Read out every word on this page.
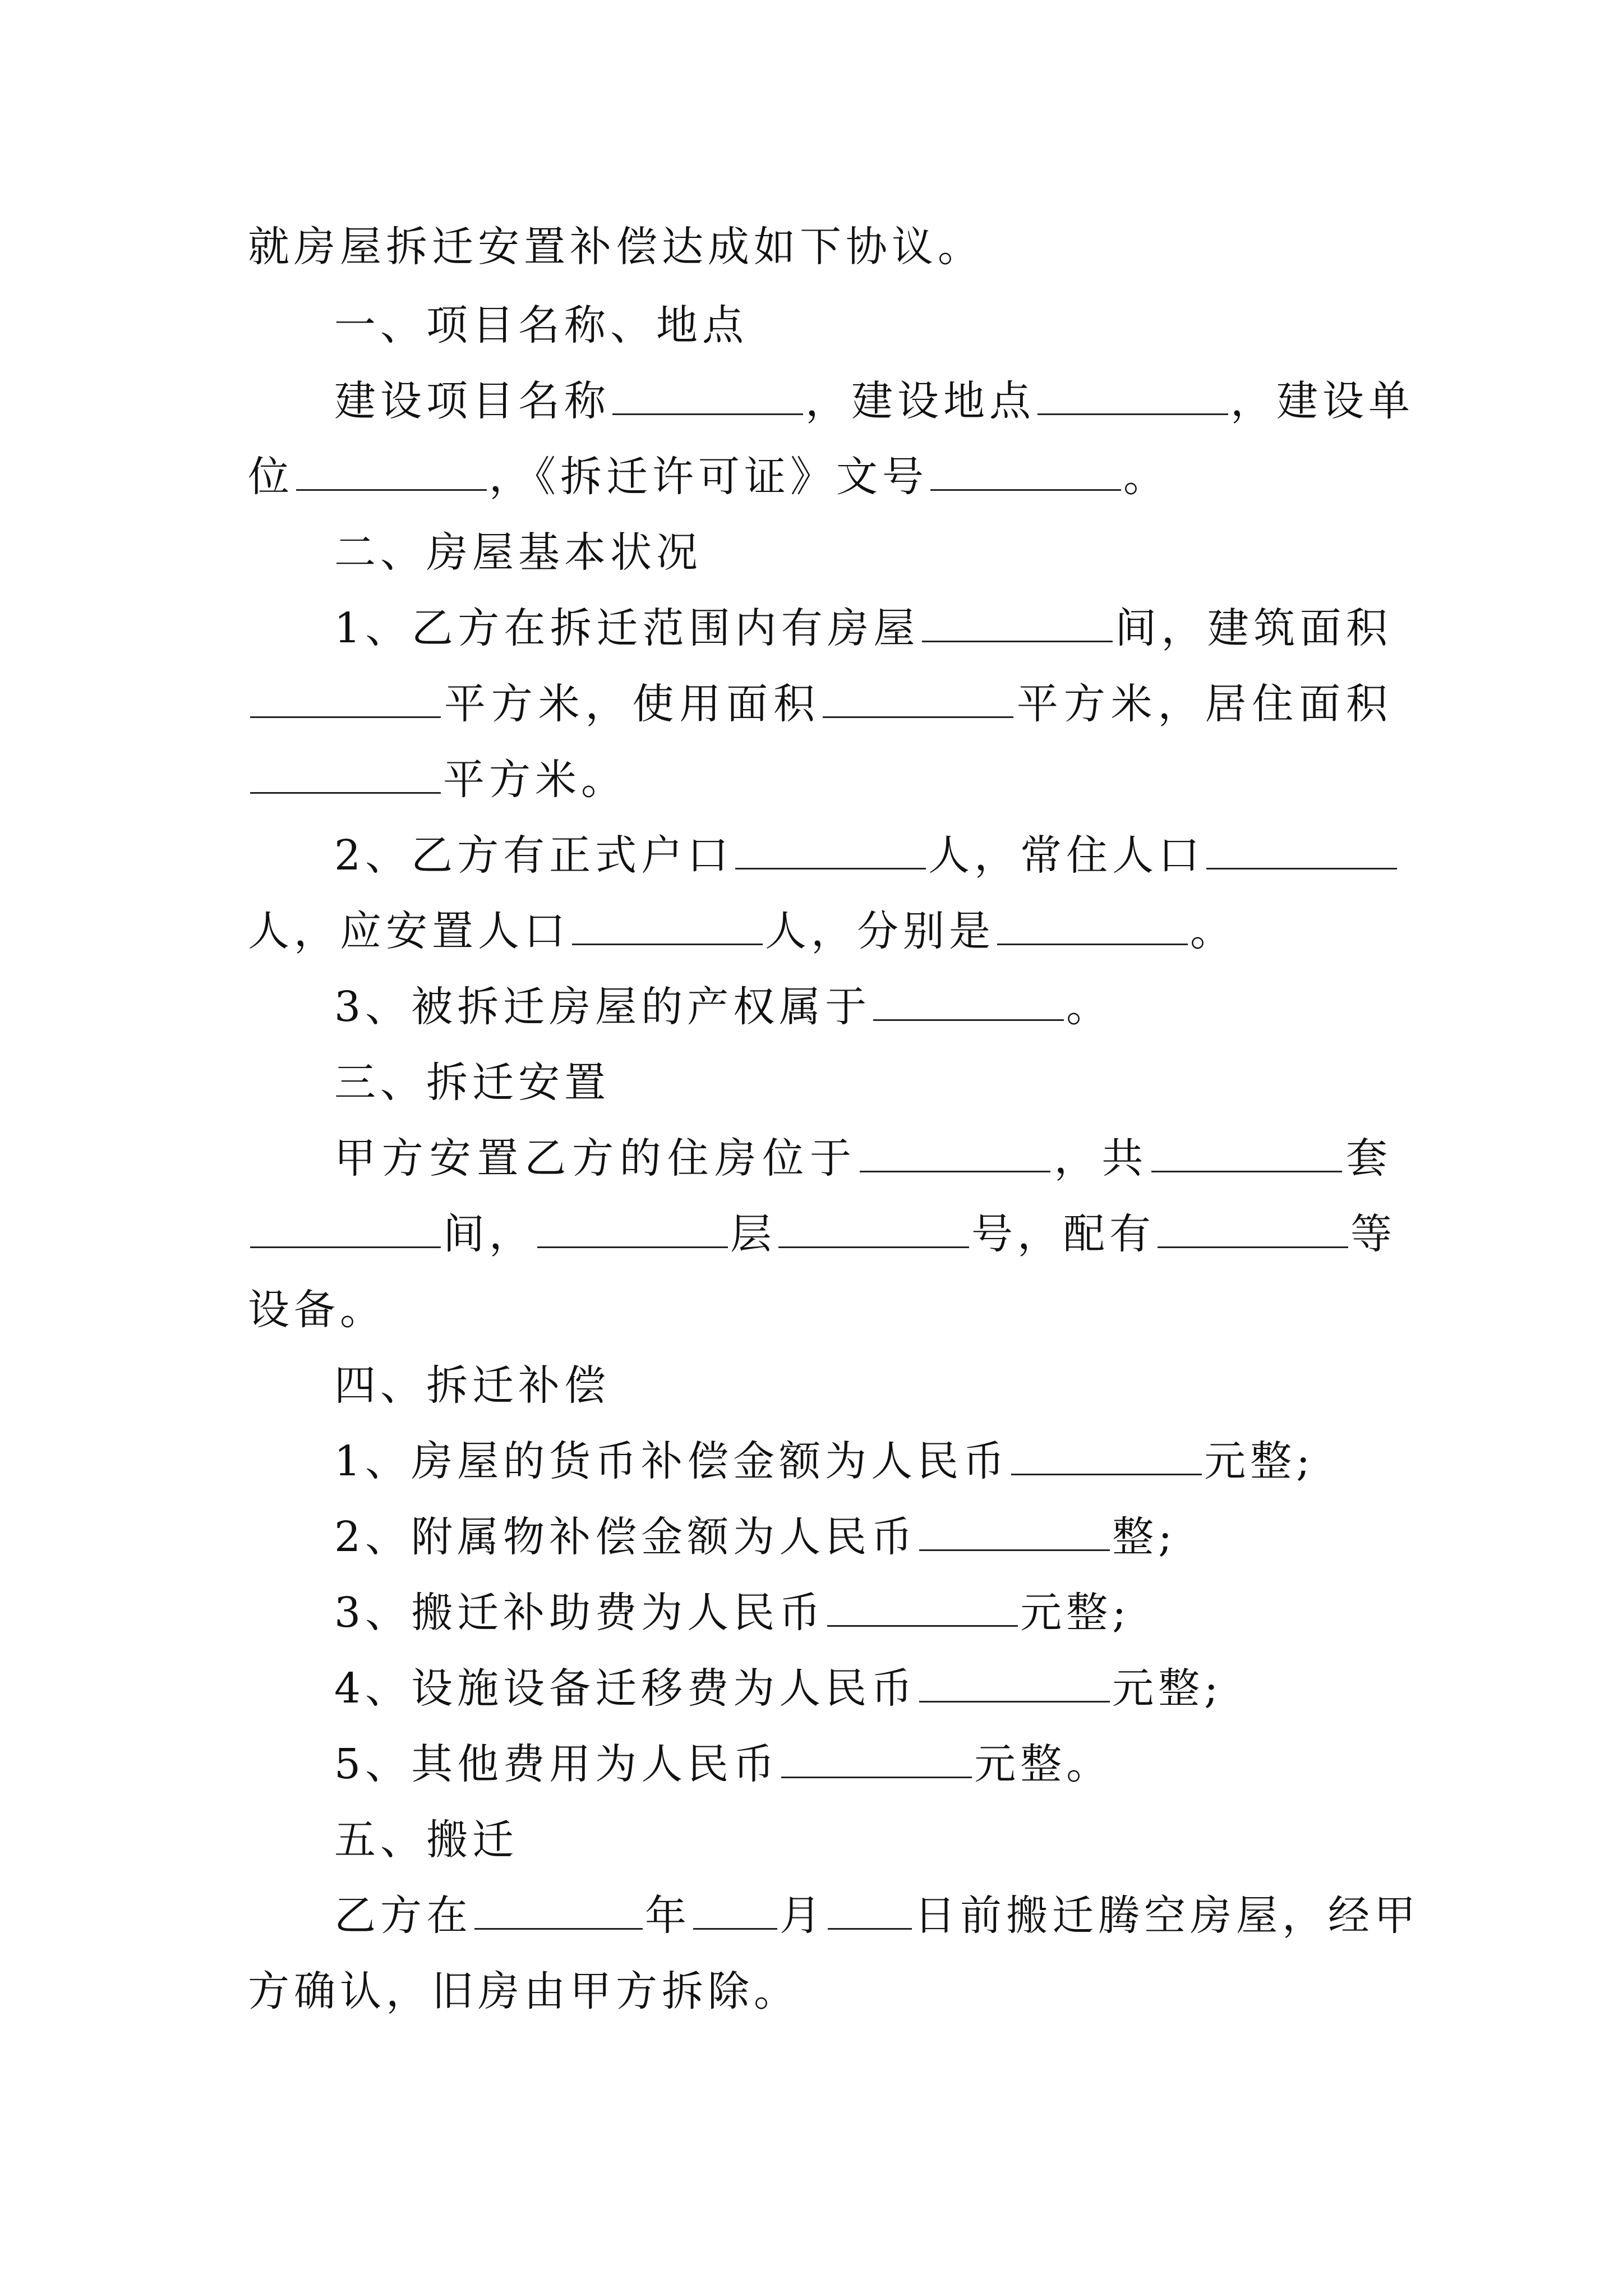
就房屋拆迁安置补偿达成如下协议。
一、项目名称、地点
建设项目名称	，建设地点	，建设单
位	，《拆迁许可证》文号	。
二、房屋基本状况
1、乙方在拆迁范围内有房屋	间，建筑面积
平方米，使用面积	平方米，居住面积
平方米。
2、乙方有正式户口	人，常住人口
人，应安置人口	人，分别是	。
3、被拆迁房屋的产权属于	。
三、拆迁安置
甲方安置乙方的住房位于	，共	套
间，	层	号，配有	等
设备。
四、拆迁补偿
1、房屋的货币补偿金额为人民币	元整;
2、附属物补偿金额为人民币	整;
3、搬迁补助费为人民币	元整;
4、设施设备迁移费为人民币	元整;
5、其他费用为人民币	元整。
五、搬迁
乙方在	年 月 日前搬迁腾空房屋，经甲
方确认，旧房由甲方拆除。
